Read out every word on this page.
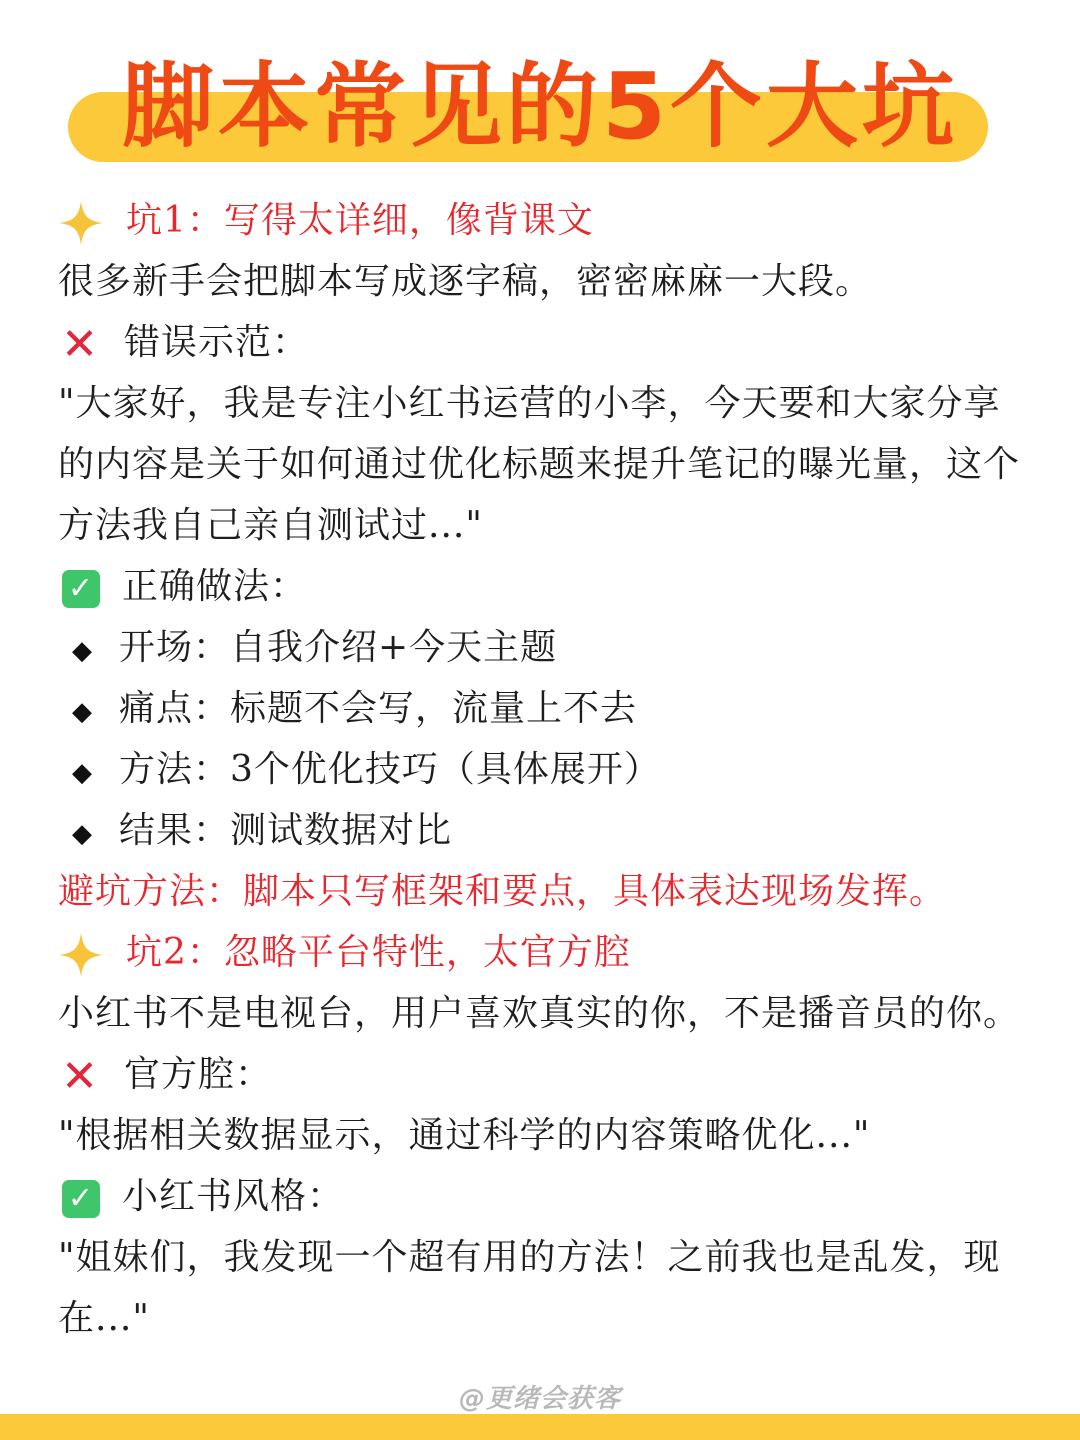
脚本常见的5个大坑
坑1：写得太详细，像背课文
很多新手会把脚本写成逐字稿，密密麻麻一大段。
✕ 错误示范：
"大家好，我是专注小红书运营的小李，今天要和大家分享
的内容是关于如何通过优化标题来提升笔记的曝光量，这个
方法我自己亲自测试过..."
✓ 正确做法：
◆ 开场：自我介绍+今天主题
◆ 痛点：标题不会写，流量上不去
◆ 方法：3个优化技巧（具体展开）
◆ 结果：测试数据对比
避坑方法：脚本只写框架和要点，具体表达现场发挥。
坑2：忽略平台特性，太官方腔
小红书不是电视台，用户喜欢真实的你，不是播音员的你。
✕ 官方腔：
"根据相关数据显示，通过科学的内容策略优化..."
✓ 小红书风格：
"姐妹们，我发现一个超有用的方法！之前我也是乱发，现
在..."
@更绪会获客
